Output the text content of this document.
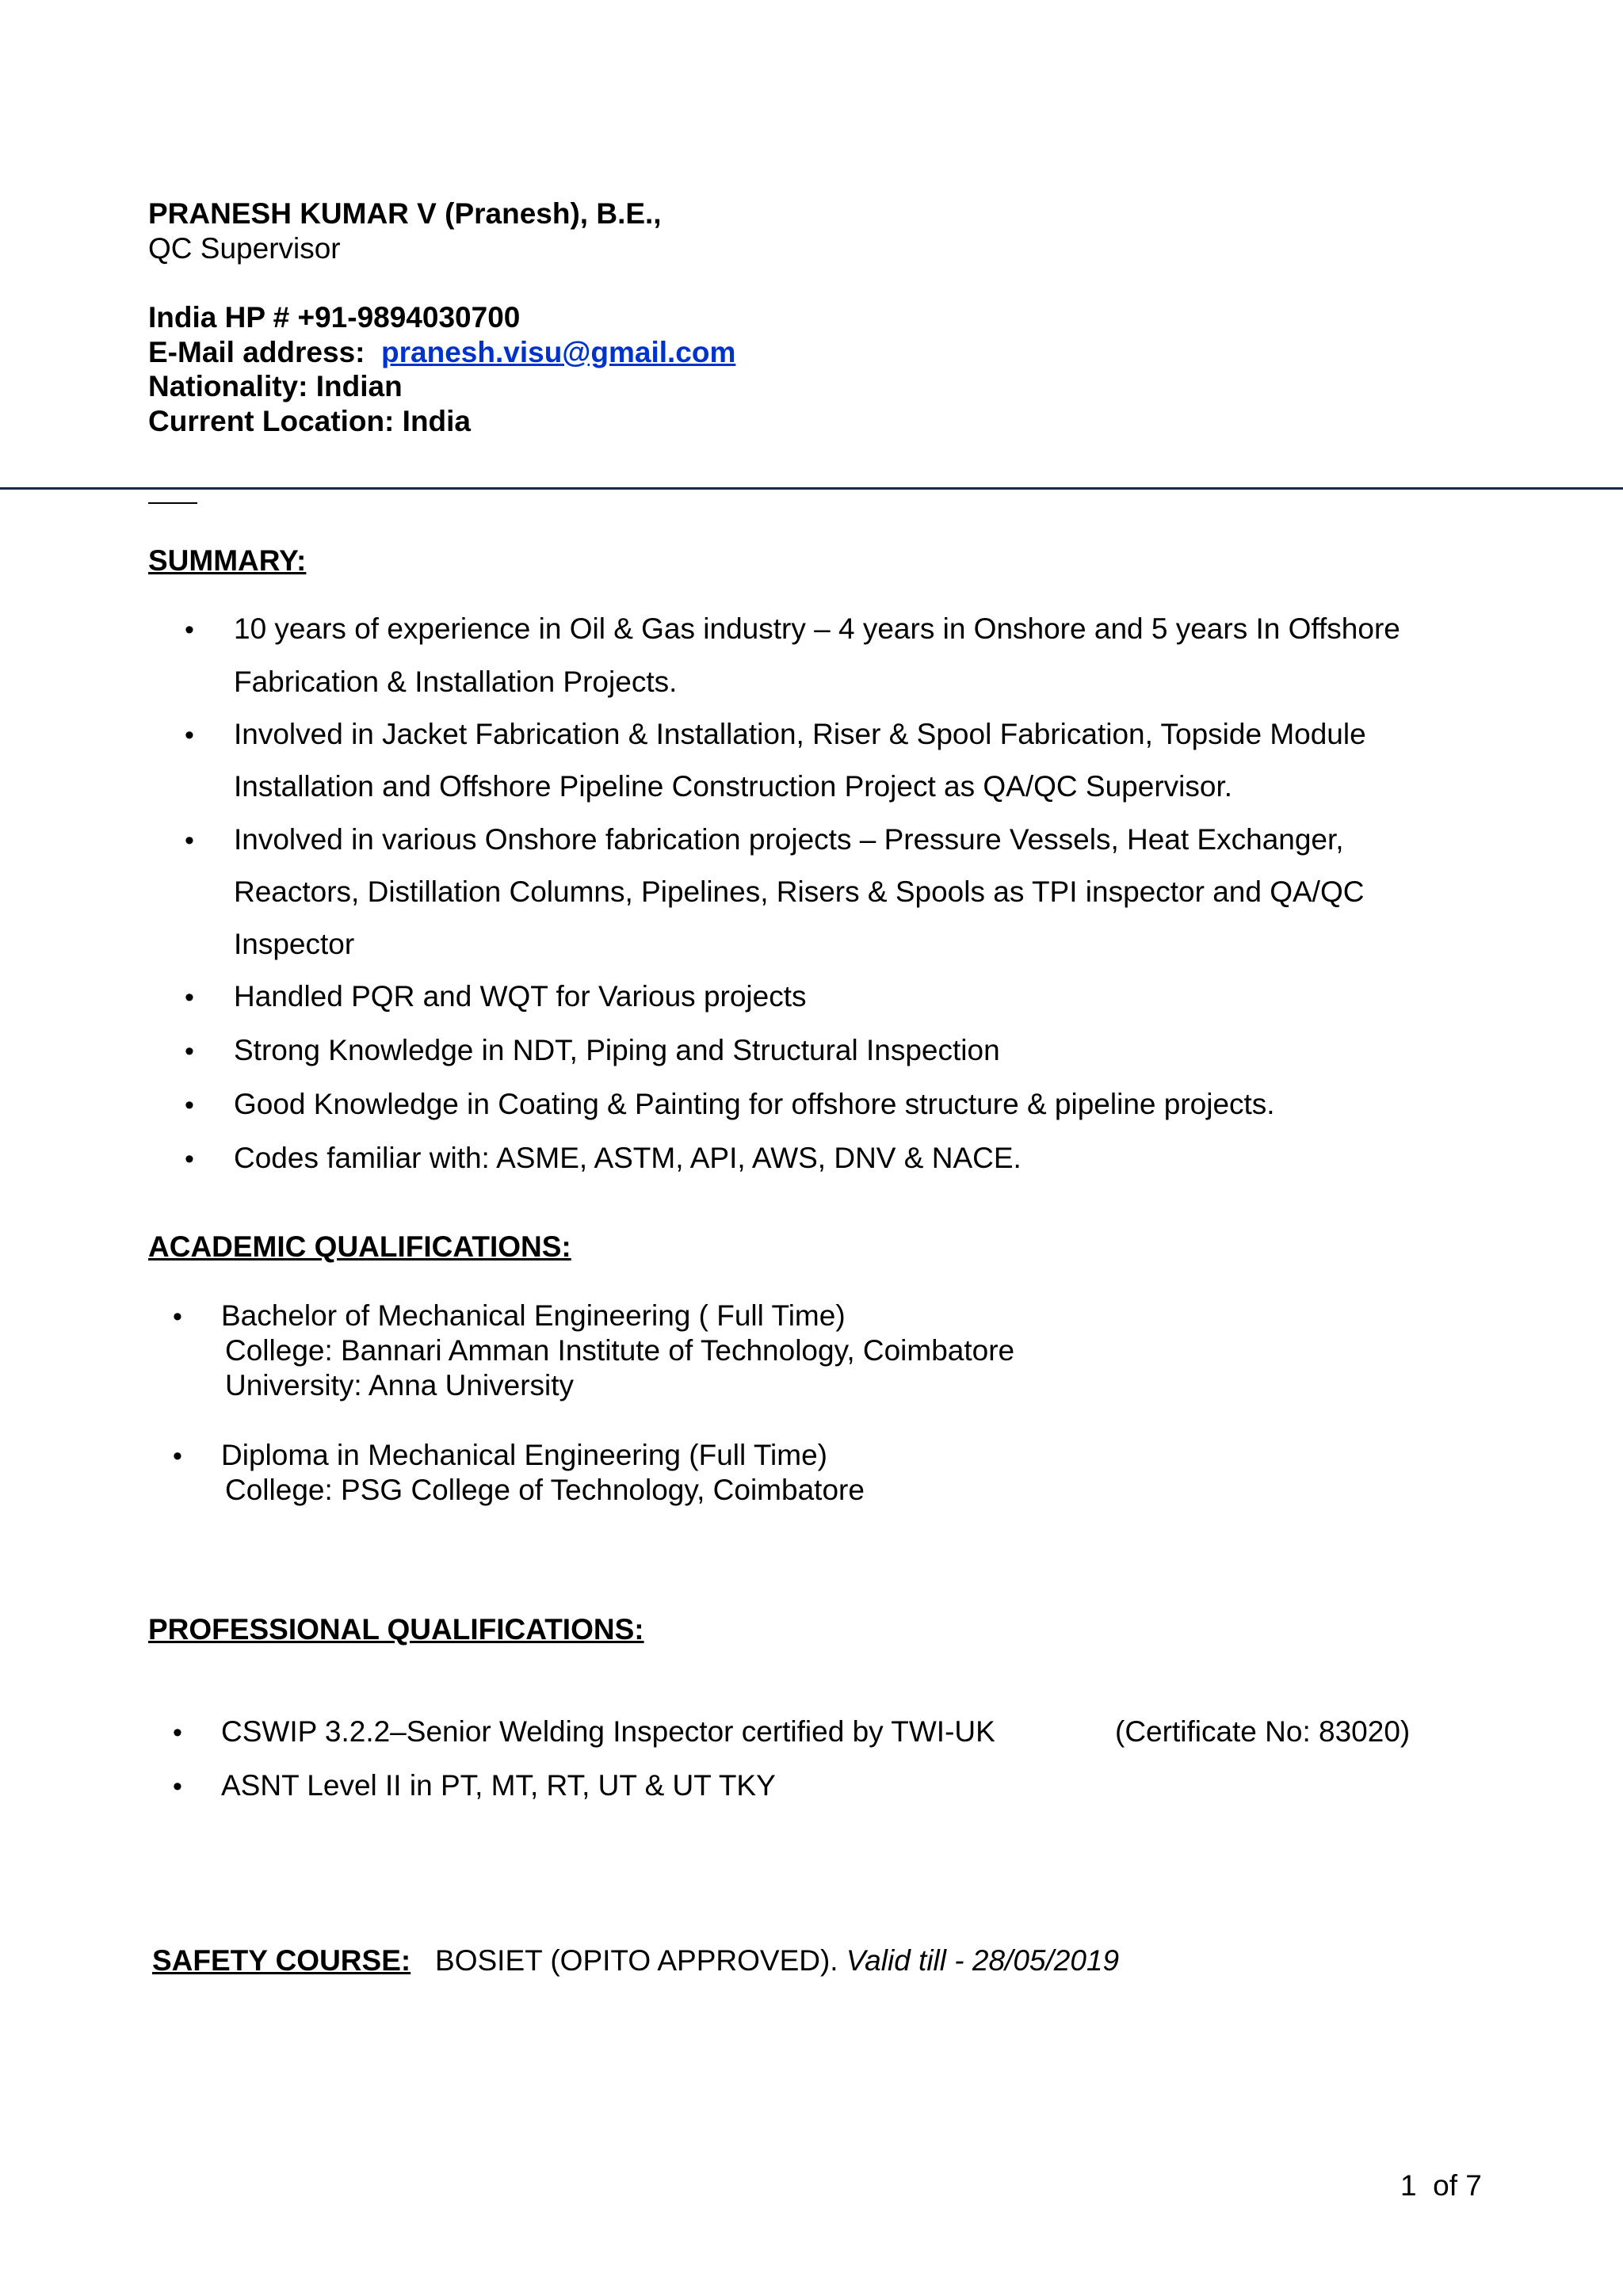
PRANESH KUMAR V (Pranesh), B.E.,
QC Supervisor
India HP # +91-9894030700
E-Mail address: pranesh.visu@gmail.com
Nationality: Indian
Current Location: India
SUMMARY:
• 10 years of experience in Oil & Gas industry – 4 years in Onshore and 5 years In Offshore
Fabrication & Installation Projects.
• Involved in Jacket Fabrication & Installation, Riser & Spool Fabrication, Topside Module
Installation and Offshore Pipeline Construction Project as QA/QC Supervisor.
• Involved in various Onshore fabrication projects – Pressure Vessels, Heat Exchanger,
Reactors, Distillation Columns, Pipelines, Risers & Spools as TPI inspector and QA/QC
Inspector
• Handled PQR and WQT for Various projects
• Strong Knowledge in NDT, Piping and Structural Inspection
• Good Knowledge in Coating & Painting for offshore structure & pipeline projects.
• Codes familiar with: ASME, ASTM, API, AWS, DNV & NACE.
ACADEMIC QUALIFICATIONS:
• Bachelor of Mechanical Engineering ( Full Time)
College: Bannari Amman Institute of Technology, Coimbatore
University: Anna University
• Diploma in Mechanical Engineering (Full Time)
College: PSG College of Technology, Coimbatore
PROFESSIONAL QUALIFICATIONS:
• CSWIP 3.2.2–Senior Welding Inspector certified by TWI-UK	(Certificate No: 83020)
• ASNT Level II in PT, MT, RT, UT & UT TKY
SAFETY COURSE: BOSIET (OPITO APPROVED). Valid till - 28/05/2019
1 of 7
